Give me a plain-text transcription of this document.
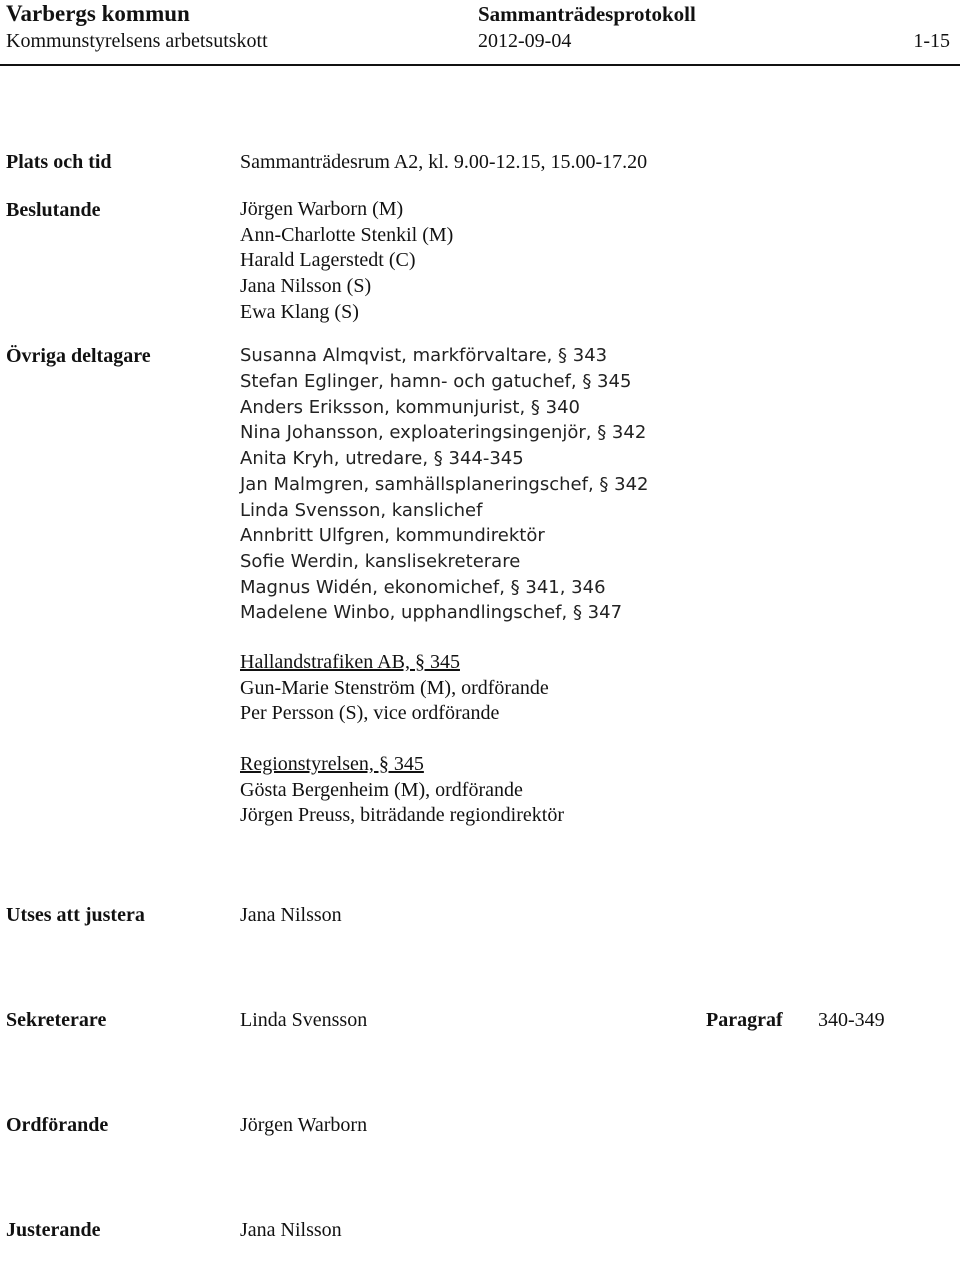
Varbergs kommun	Sammanträdesprotokoll
Kommunstyrelsens arbetsutskott	2012-09-04	1-15
Plats och tid	Sammanträdesrum A2, kl. 9.00-12.15, 15.00-17.20
Beslutande	Jörgen Warborn (M)
Ann-Charlotte Stenkil (M)
Harald Lagerstedt (C)
Jana Nilsson (S)
Ewa Klang (S)
Övriga deltagare	Susanna Almqvist, markförvaltare, § 343
Stefan Eglinger, hamn- och gatuchef, § 345
Anders Eriksson, kommunjurist, § 340
Nina Johansson, exploateringsingenjör, § 342
Anita Kryh, utredare, § 344-345
Jan Malmgren, samhällsplaneringschef, § 342
Linda Svensson, kanslichef
Annbritt Ulfgren, kommundirektör
Sofie Werdin, kanslisekreterare
Magnus Widén, ekonomichef, § 341, 346
Madelene Winbo, upphandlingschef, § 347
Hallandstrafiken AB, § 345
Gun-Marie Stenström (M), ordförande
Per Persson (S), vice ordförande
Regionstyrelsen, § 345
Gösta Bergenheim (M), ordförande
Jörgen Preuss, biträdande regiondirektör
Utses att justera	Jana Nilsson
Sekreterare	Linda Svensson	Paragraf 340-349
Ordförande	Jörgen Warborn
Justerande	Jana Nilsson
